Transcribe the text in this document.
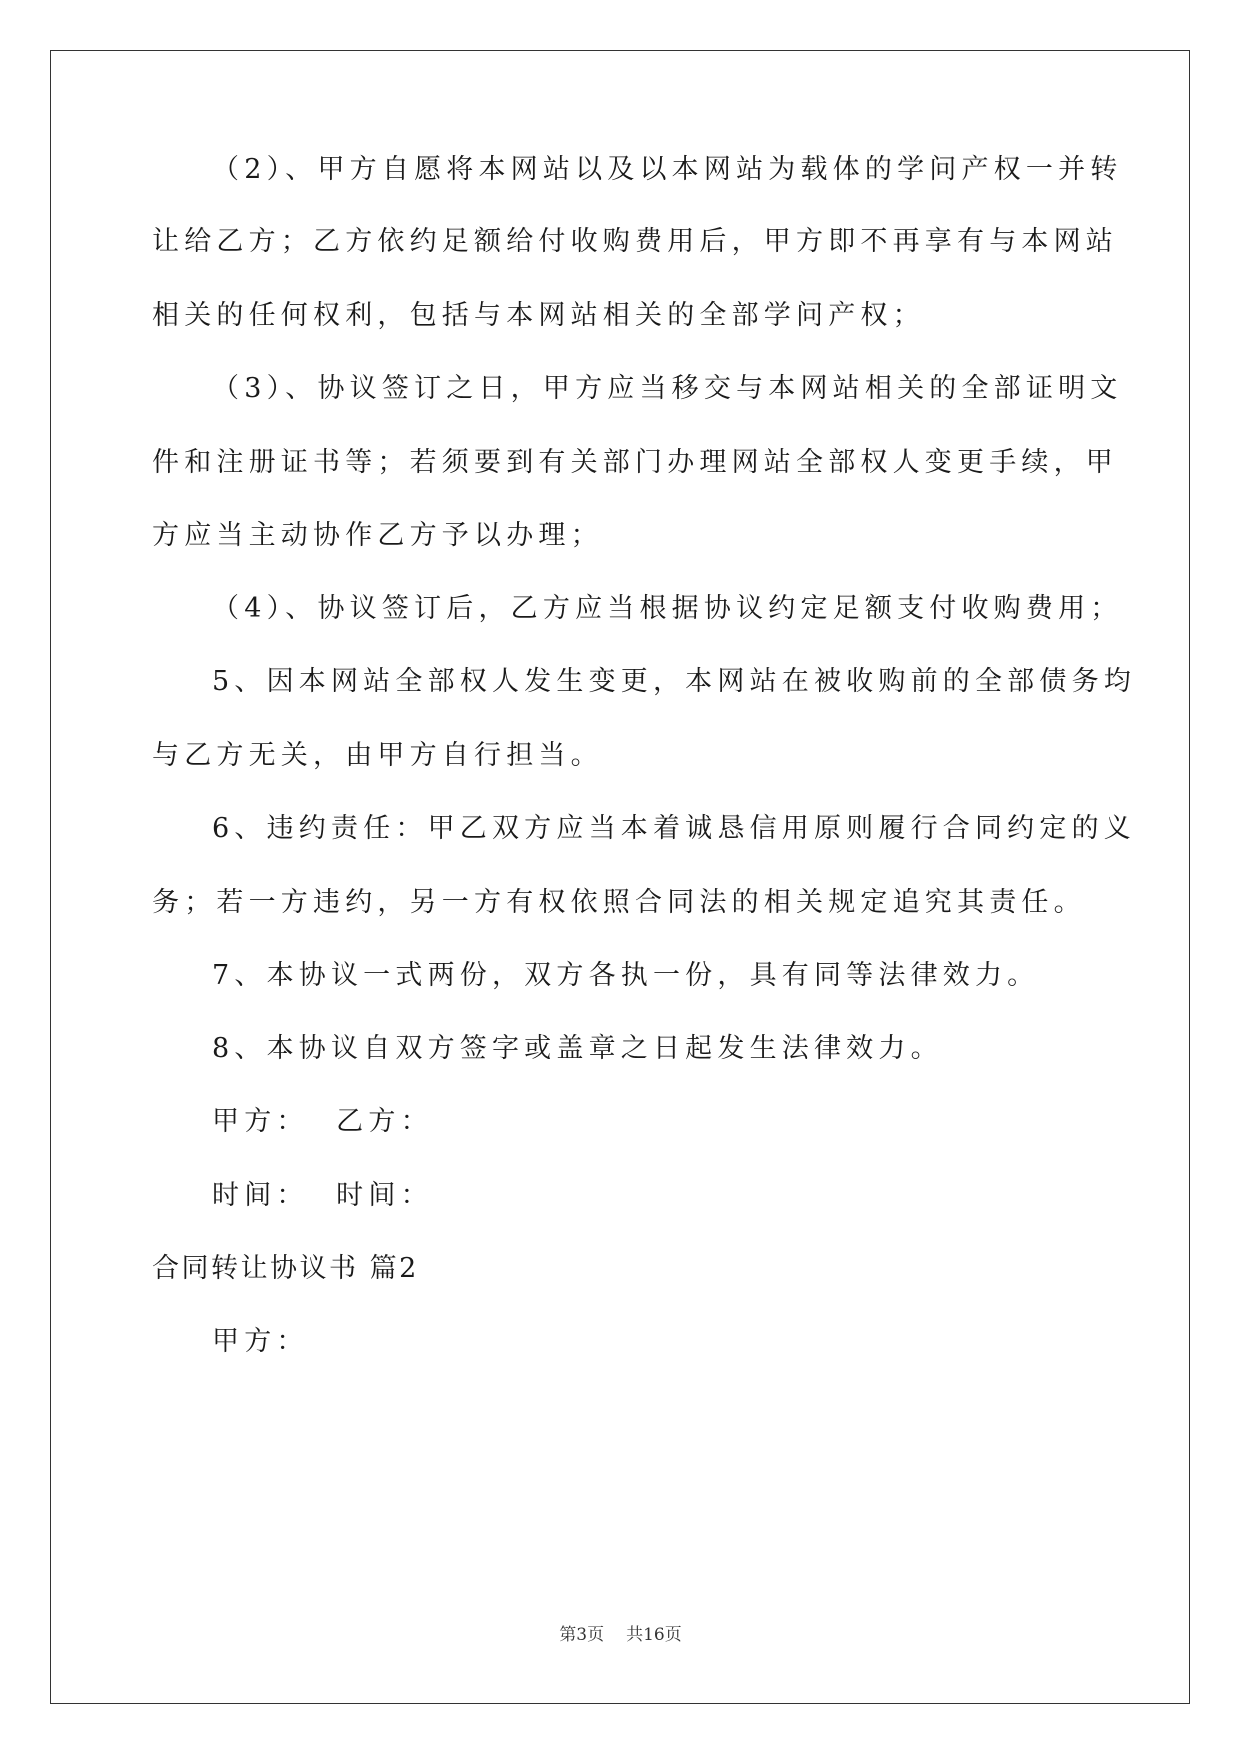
（2）、甲方自愿将本网站以及以本网站为载体的学问产权一并转
让给乙方；乙方依约足额给付收购费用后，甲方即不再享有与本网站
相关的任何权利，包括与本网站相关的全部学问产权；
（3）、协议签订之日，甲方应当移交与本网站相关的全部证明文
件和注册证书等；若须要到有关部门办理网站全部权人变更手续，甲
方应当主动协作乙方予以办理；
（4）、协议签订后，乙方应当根据协议约定足额支付收购费用；
5、因本网站全部权人发生变更，本网站在被收购前的全部债务均
与乙方无关，由甲方自行担当。
6、违约责任：甲乙双方应当本着诚恳信用原则履行合同约定的义
务；若一方违约，另一方有权依照合同法的相关规定追究其责任。
7、本协议一式两份，双方各执一份，具有同等法律效力。
8、本协议自双方签字或盖章之日起发生法律效力。
甲方：  乙方：
时间：  时间：
合同转让协议书 篇2
甲方：
第3页 共16页
